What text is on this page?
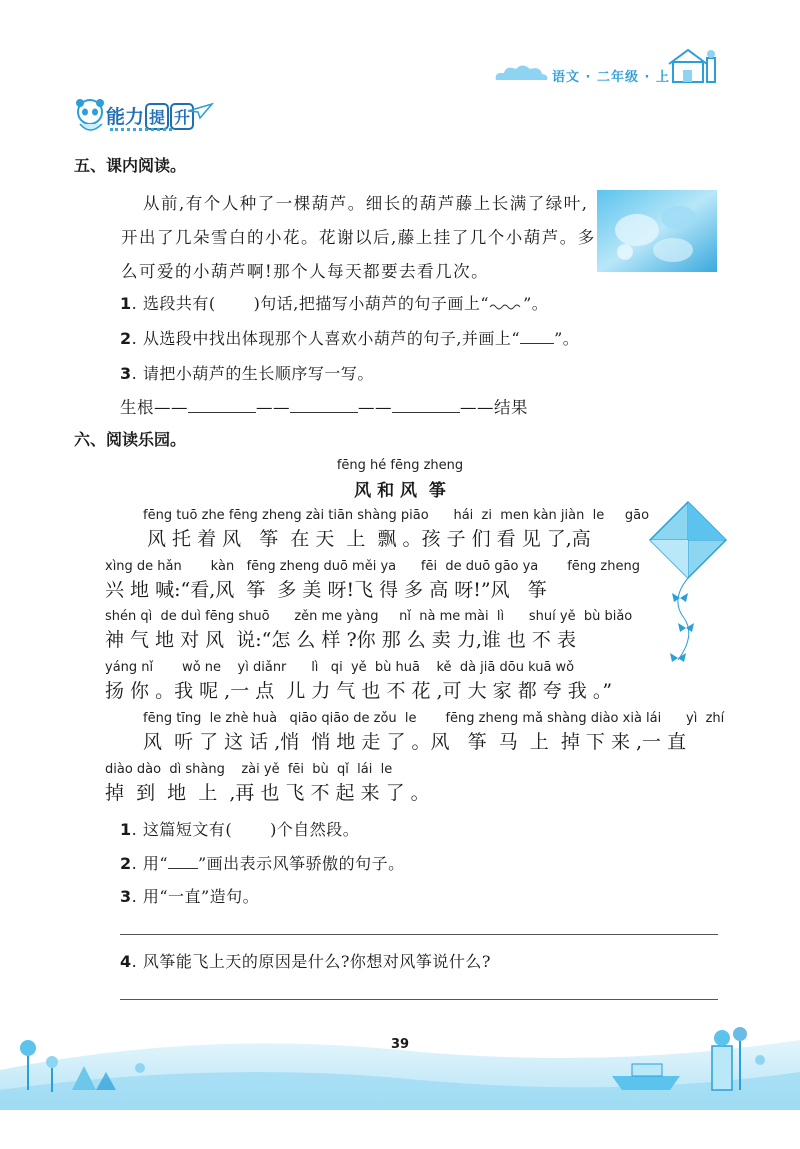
语文 · 二年级 · 上
能力 提 升
五、课内阅读。
从前,有个人种了一棵葫芦。细长的葫芦藤上长满了绿叶,
开出了几朵雪白的小花。花谢以后,藤上挂了几个小葫芦。多
么可爱的小葫芦啊!那个人每天都要去看几次。
1. 选段共有( )句话,把描写小葫芦的句子画上“ ”。
2. 从选段中找出体现那个人喜欢小葫芦的句子,并画上“ ”。
3. 请把小葫芦的生长顺序写一写。
生根——	——	——	——结果
六、阅读乐园。
fēng hé fēng zheng
风 和 风  筝
fēng tuō zhe fēng zheng zài tiān shàng piāo      hái  zi  men kàn jiàn  le     gāo
风 托 着 风   筝  在 天  上  飘 。孩 子 们 看 见 了,高
xìng de hǎn       kàn   fēng zheng duō měi ya      fēi  de duō gāo ya       fēng zheng
兴 地 喊:“看,风  筝  多 美 呀!飞 得 多 高 呀!”风   筝
shén qì  de duì fēng shuō      zěn me yàng     nǐ  nà me mài  lì      shuí yě  bù biǎo
神 气 地 对 风  说:“怎 么 样 ?你 那 么 卖 力,谁 也 不 表
yáng nǐ       wǒ ne    yì diǎnr      lì   qi  yě  bù huā    kě  dà jiā dōu kuā wǒ
扬 你 。我 呢 ,一 点  儿 力 气 也 不 花 ,可 大 家 都 夸 我 。”
fēng tīng  le zhè huà   qiāo qiāo de zǒu  le       fēng zheng mǎ shàng diào xià lái      yì  zhí
风  听 了 这 话 ,悄  悄 地 走 了 。风   筝  马  上  掉 下 来 ,一 直
diào dào  dì shàng    zài yě  fēi  bù  qǐ  lái  le
掉  到  地  上  ,再 也 飞 不 起 来 了 。
1. 这篇短文有( )个自然段。
2. 用“ ”画出表示风筝骄傲的句子。
3. 用“一直”造句。
4. 风筝能飞上天的原因是什么?你想对风筝说什么?
39
